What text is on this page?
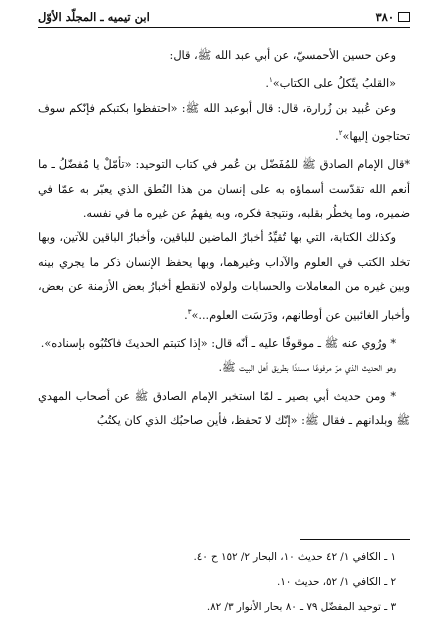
٣٨٠
ابن تيميه ـ المجلّد الأوّل

وعن حسين الأحمسيّ، عن أبي عبد الله ﷺ، قال:

«القلبُ يتّكلُ على الكتاب»$^١$.

وعن عُبيد بن زُرارة، قال: قال أبوعبد الله ﷺ: «احتفظوا بكتبكم فإنّكم سوف تحتاجون إليها»$^٢$.

*قال الإمام الصادق ﷺ للمُفَضّل بن عُمر في كتاب التوحيد: «تأمّلْ يا مُفضّلُ ـ ما أنعم الله تقدّست أسماؤه به على إنسان من هذا النُطق الذي يعبّر به عمّا في ضميره، وما يخطُر بقلبه، ونتيجة فكره، وبه يفهمُ عن غيره ما في نفسه.

وكذلك الكتابة، التي بها تُقيِّدُ أخبارُ الماضين للباقين، وأخبارُ الباقين للآتين، وبها تخلد الكتب في العلوم والآداب وغيرهما، وبها يحفظ الإنسان ذكر ما يجري بينه وبين غيره من المعاملات والحسابات ولولاه لانقطع أخبارُ بعض الأزمنة عن بعض، وأخبار الغائبين عن أوطانهم، ودَرَسَت العلوم...»$^٣$.

* ورُوي عنه ﷺ ـ موقوفًا عليه ـ أنّه قال: «إذا كتبتم الحديثَ فاكتُبُوه بإسناده».

وهو الحديث الذي مرّ مرفوعًا مسندًا بطريق أهل البيت ﷺ.

* ومن حديث أبي بصير ـ لمّا استخبر الإمام الصادق ﷺ عن أصحاب المهدي ﷺ وبلدانهم ـ فقال ﷺ: «إنّك لا تَحفظ، فأين صاحبُك الذي كان يكتُبُ

١ ـ الكافي ١/ ٤٢ حديث ١٠، البحار ٢/ ١٥٢ ح ٤٠.
٢ ـ الكافي ١/ ٥٢، حديث ١٠.
٣ ـ توحيد المفضّل ٧٩ ـ ٨٠ بحار الأنوار ٣/ ٨٢.
